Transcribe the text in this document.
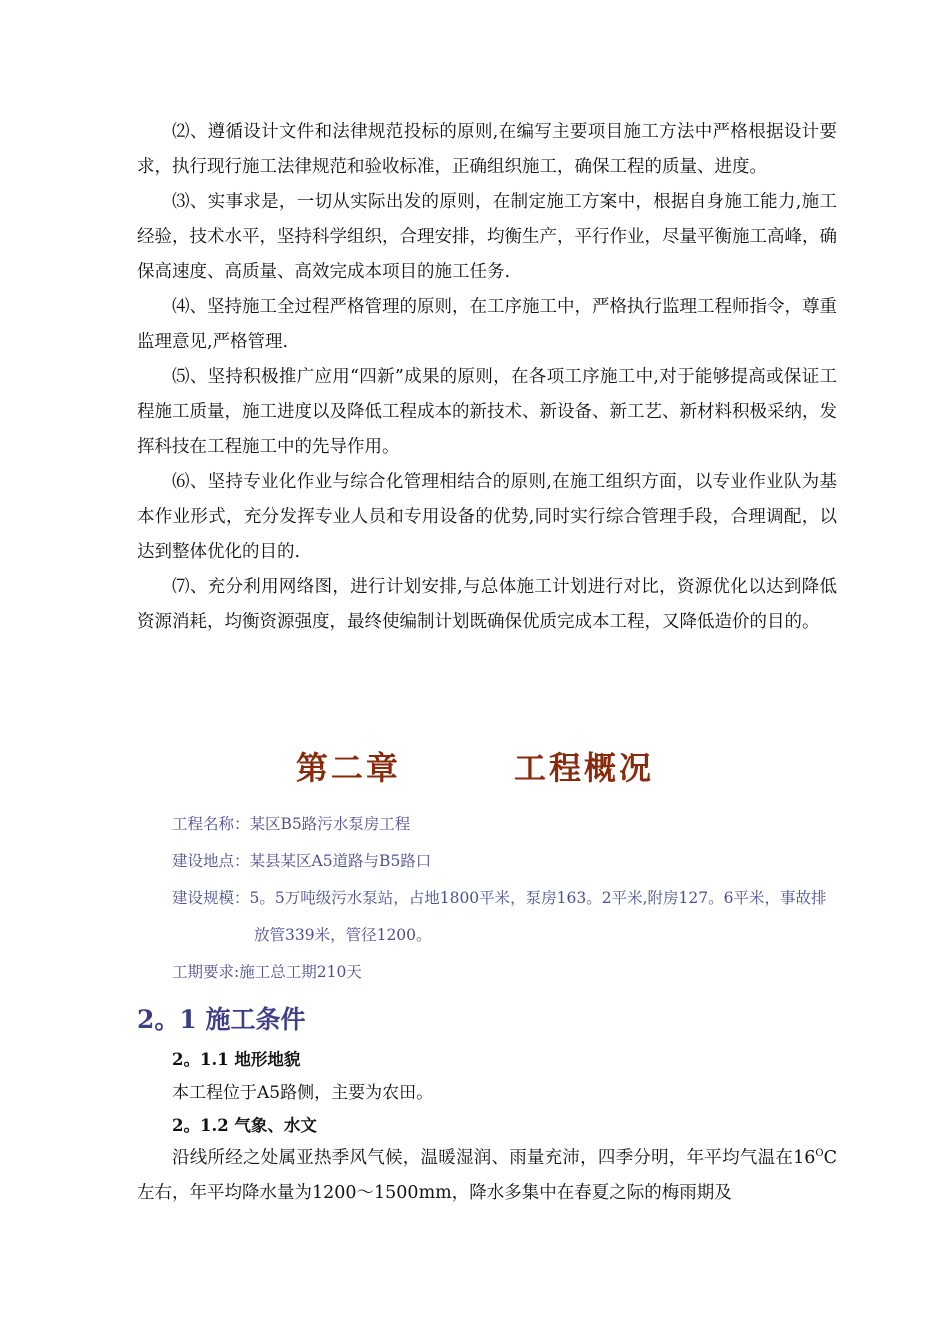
⑵、遵循设计文件和法律规范投标的原则,在编写主要项目施工方法中严格根据设计要求，执行现行施工法律规范和验收标准，正确组织施工，确保工程的质量、进度。

⑶、实事求是，一切从实际出发的原则，在制定施工方案中，根据自身施工能力,施工经验，技术水平，坚持科学组织，合理安排，均衡生产，平行作业，尽量平衡施工高峰，确保高速度、高质量、高效完成本项目的施工任务.

⑷、坚持施工全过程严格管理的原则，在工序施工中，严格执行监理工程师指令，尊重监理意见,严格管理.

⑸、坚持积极推广应用“四新”成果的原则，在各项工序施工中,对于能够提高或保证工程施工质量，施工进度以及降低工程成本的新技术、新设备、新工艺、新材料积极采纳，发挥科技在工程施工中的先导作用。

⑹、坚持专业化作业与综合化管理相结合的原则,在施工组织方面，以专业作业队为基本作业形式，充分发挥专业人员和专用设备的优势,同时实行综合管理手段，合理调配，以达到整体优化的目的.

⑺、充分利用网络图，进行计划安排,与总体施工计划进行对比，资源优化以达到降低资源消耗，均衡资源强度，最终使编制计划既确保优质完成本工程，又降低造价的目的。

第二章        工程概况
工程名称：某区B5路污水泵房工程
建设地点：某县某区A5道路与B5路口
建设规模：5。5万吨级污水泵站，占地1800平米，泵房163。2平米,附房127。6平米，事故排放管339米，管径1200。
工期要求:施工总工期210天
2。1 施工条件
2。1.1 地形地貌
本工程位于A5路侧，主要为农田。
2。1.2 气象、水文

沿线所经之处属亚热季风气候，温暖湿润、雨量充沛，四季分明，年平均气温在$16^OC$左右，年平均降水量为1200～1500mm，降水多集中在春夏之际的梅雨期及
